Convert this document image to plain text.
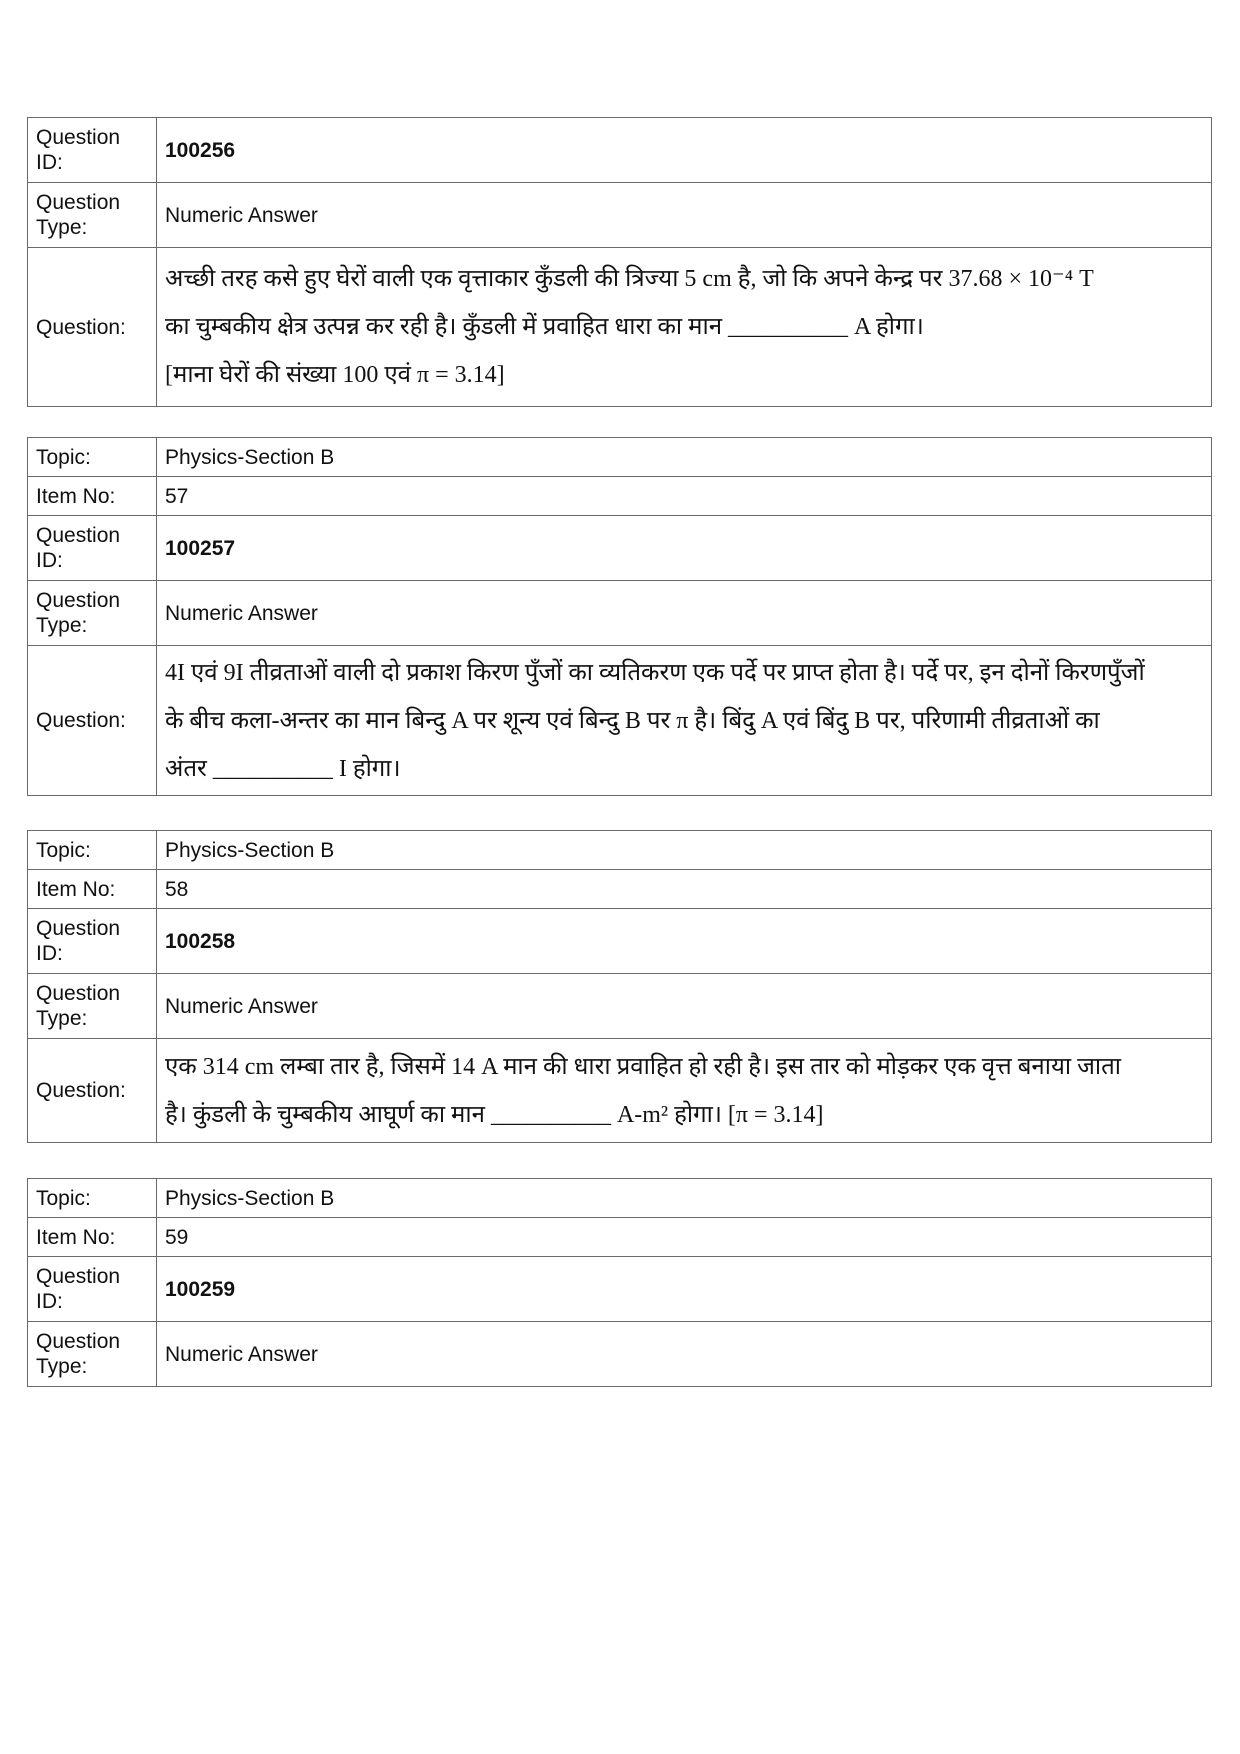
Question ID:	100256
Question Type:	Numeric Answer
Question:	अच्छी तरह कसे हुए घेरों वाली एक वृत्ताकार कुँडली की त्रिज्या 5 cm है, जो कि अपने केन्द्र पर 37.68 × 10⁻⁴ T
का चुम्बकीय क्षेत्र उत्पन्न कर रही है। कुँडली में प्रवाहित धारा का मान __________ A होगा।
[माना घेरों की संख्या 100 एवं π = 3.14]
Topic:	Physics-Section B
Item No:	57
Question ID:	100257
Question Type:	Numeric Answer
Question:	4I एवं 9I तीव्रताओं वाली दो प्रकाश किरण पुँजों का व्यतिकरण एक पर्दे पर प्राप्त होता है। पर्दे पर, इन दोनों किरणपुँजों
के बीच कला-अन्तर का मान बिन्दु A पर शून्य एवं बिन्दु B पर π है। बिंदु A एवं बिंदु B पर, परिणामी तीव्रताओं का
अंतर __________ I होगा।
Topic:	Physics-Section B
Item No:	58
Question ID:	100258
Question Type:	Numeric Answer
Question:	एक 314 cm लम्बा तार है, जिसमें 14 A मान की धारा प्रवाहित हो रही है। इस तार को मोड़कर एक वृत्त बनाया जाता
है। कुंडली के चुम्बकीय आघूर्ण का मान __________ A-m² होगा। [π = 3.14]
Topic:	Physics-Section B
Item No:	59
Question ID:	100259
Question Type:	Numeric Answer
